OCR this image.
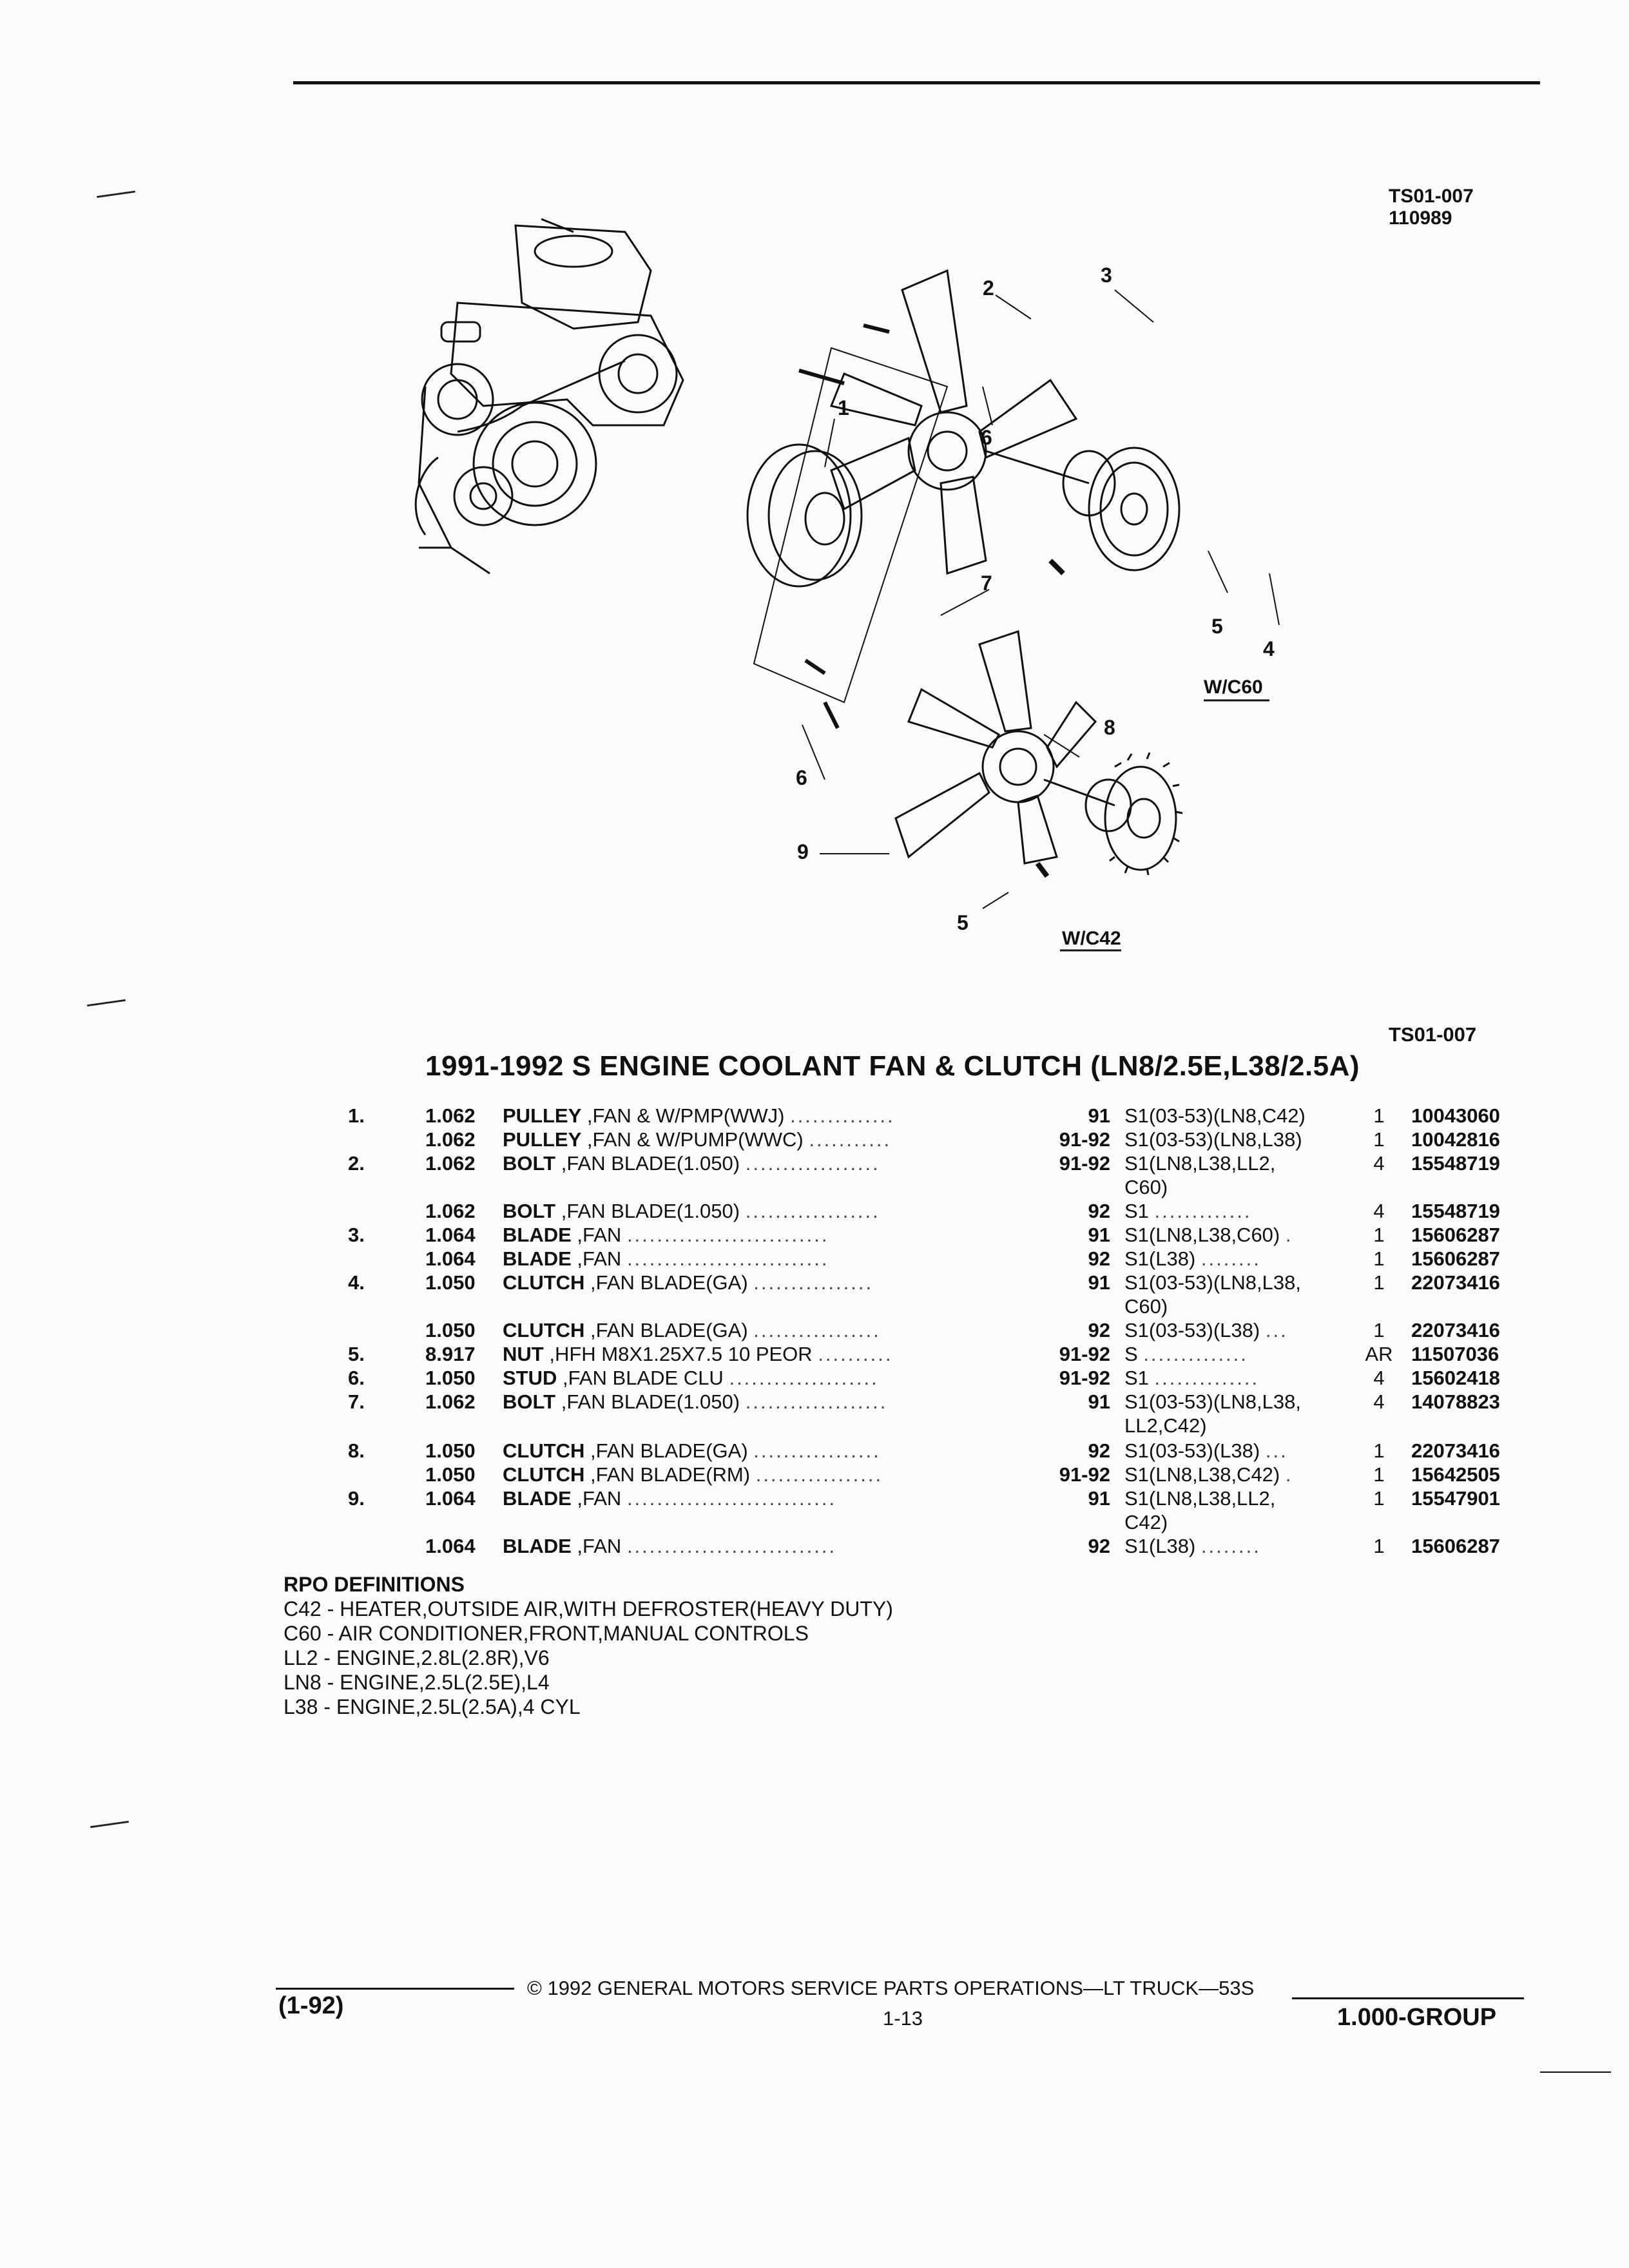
TS01-007
110989
2
3
1
6
7
5
4
8
6
9
5
W/C60
W/C42
TS01-007
1991-1992 S ENGINE COOLANT FAN & CLUTCH (LN8/2.5E,L38/2.5A)
1.	1.062 PULLEY ,FAN & W/PMP(WWJ) ..............	91 S1(03-53)(LN8,C42)	1	10043060
1.062 PULLEY ,FAN & W/PUMP(WWC) ...........	91-92 S1(03-53)(LN8,L38)	1	10042816
2.	1.062 BOLT ,FAN BLADE(1.050) ..................	91-92 S1(LN8,L38,LL2,	4	15548719
C60)
1.062 BOLT ,FAN BLADE(1.050) ..................	92 S1 .............	4	15548719
3.	1.064 BLADE ,FAN ...........................	91 S1(LN8,L38,C60) .	1	15606287
1.064 BLADE ,FAN ...........................	92 S1(L38) ........	1	15606287
4.	1.050 CLUTCH ,FAN BLADE(GA) ................	91 S1(03-53)(LN8,L38,	1	22073416
C60)
1.050 CLUTCH ,FAN BLADE(GA) .................	92 S1(03-53)(L38) ...	1	22073416
5.	8.917 NUT ,HFH M8X1.25X7.5 10 PEOR ..........	91-92 S ..............	AR 11507036
6.	1.050 STUD ,FAN BLADE CLU ....................	91-92 S1 ..............	4	15602418
7.	1.062 BOLT ,FAN BLADE(1.050) ...................	91 S1(03-53)(LN8,L38,	4	14078823
LL2,C42)
8.	1.050 CLUTCH ,FAN BLADE(GA) .................	92 S1(03-53)(L38) ...	1	22073416
1.050 CLUTCH ,FAN BLADE(RM) .................	91-92 S1(LN8,L38,C42) .	1	15642505
9.	1.064 BLADE ,FAN ............................	91 S1(LN8,L38,LL2,	1	15547901
C42)
1.064 BLADE ,FAN ............................	92 S1(L38) ........	1	15606287
RPO DEFINITIONS
C42 - HEATER,OUTSIDE AIR,WITH DEFROSTER(HEAVY DUTY)
C60 - AIR CONDITIONER,FRONT,MANUAL CONTROLS
LL2 - ENGINE,2.8L(2.8R),V6
LN8 - ENGINE,2.5L(2.5E),L4
L38 - ENGINE,2.5L(2.5A),4 CYL
(1-92)
© 1992 GENERAL MOTORS SERVICE PARTS OPERATIONS—LT TRUCK—53S
1-13	1.000-GROUP
